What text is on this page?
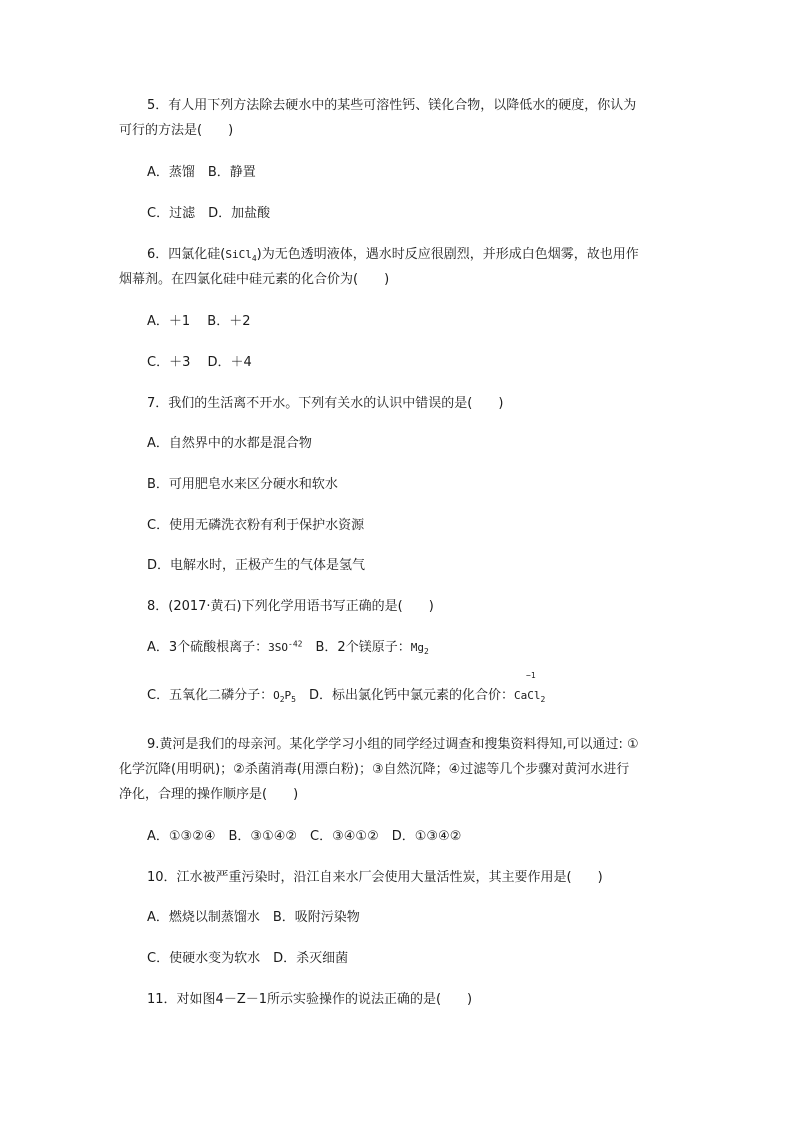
5．有人用下列方法除去硬水中的某些可溶性钙、镁化合物，以降低水的硬度，你认为
可行的方法是(　　)
A．蒸馏　B．静置
C．过滤　D．加盐酸
6．四氯化硅(SiCl$_4$)为无色透明液体，遇水时反应很剧烈，并形成白色烟雾，故也用作
烟幕剂。在四氯化硅中硅元素的化合价为(　　)
A．＋1　 B．＋2
C．＋3　 D．＋4
7．我们的生活离不开水。下列有关水的认识中错误的是(　　)
A．自然界中的水都是混合物
B．可用肥皂水来区分硬水和软水
C．使用无磷洗衣粉有利于保护水资源
D．电解水时，正极产生的气体是氢气
8．(2017·黄石)下列化学用语书写正确的是(　　)
A．3个硫酸根离子：$3SO^{-42}$　B．2个镁原子：$Mg_2$
C．五氧化二磷分子：$O_2P_5$　D．标出氯化钙中氯元素的化合价：
−1
CaCl$_2$
9.黄河是我们的母亲河。某化学学习小组的同学经过调查和搜集资料得知,可以通过: ①
化学沉降(用明矾)；②杀菌消毒(用漂白粉)；③自然沉降；④过滤等几个步骤对黄河水进行
净化，合理的操作顺序是(　　)
A．①③②④　B．③①④②　C．③④①②　D．①③④②
10．江水被严重污染时，沿江自来水厂会使用大量活性炭，其主要作用是(　　)
A．燃烧以制蒸馏水　B．吸附污染物
C．使硬水变为软水　D．杀灭细菌
11．对如图4－Z－1所示实验操作的说法正确的是(　　)
